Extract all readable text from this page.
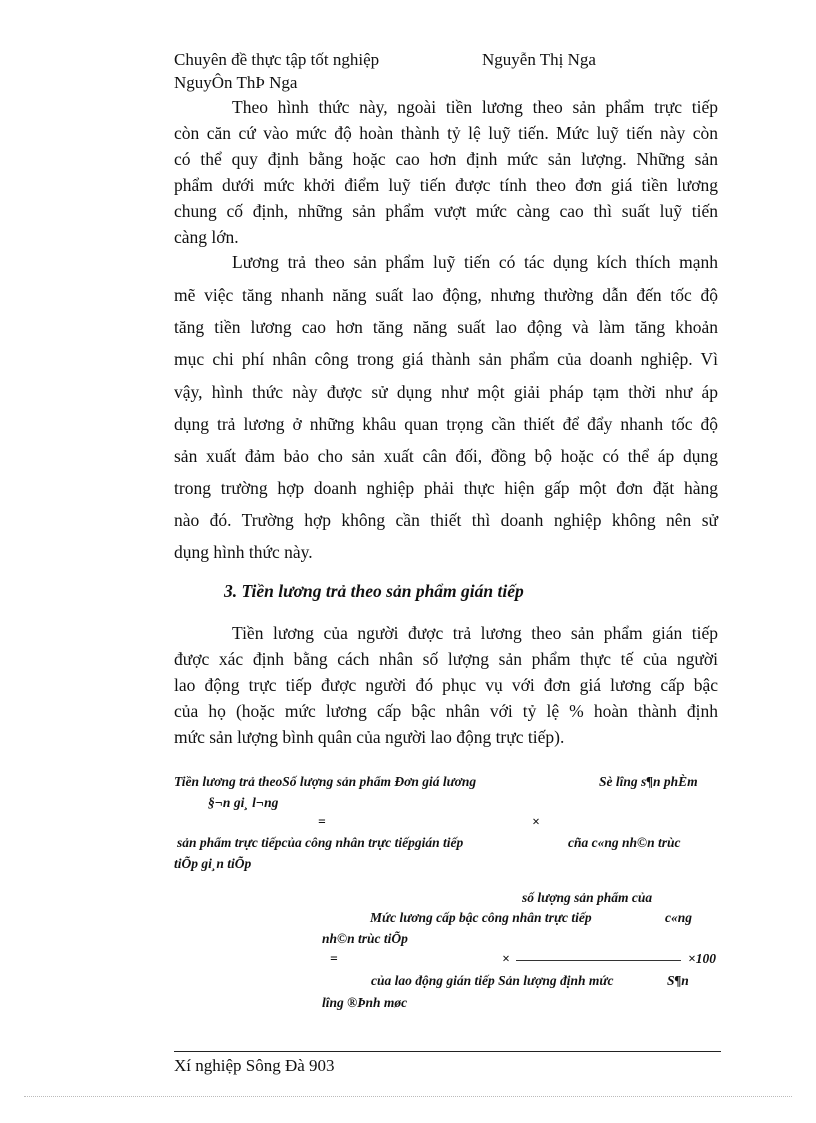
Chuyên đề thực tập tốt nghiệp	Nguyễn Thị Nga
NguyÔn ThÞ Nga
Theo hình thức này, ngoài tiền lương theo sản phẩm trực tiếp
còn căn cứ vào mức độ hoàn thành tỷ lệ luỹ tiến. Mức luỹ tiến này còn
có thể quy định bằng hoặc cao hơn định mức sản lượng. Những sản
phẩm dưới mức khởi điểm luỹ tiến được tính theo đơn giá tiền lương
chung cố định, những sản phẩm vượt mức càng cao thì suất luỹ tiến
càng lớn.
Lương trả theo sản phẩm luỹ tiến có tác dụng kích thích mạnh
mẽ việc tăng nhanh năng suất lao động, nhưng thường dẫn đến tốc độ
tăng tiền lương cao hơn tăng năng suất lao động và làm tăng khoản
mục chi phí nhân công trong giá thành sản phẩm của doanh nghiệp. Vì
vậy, hình thức này được sử dụng như một giải pháp tạm thời như áp
dụng trả lương ở những khâu quan trọng cần thiết để đẩy nhanh tốc độ
sản xuất đảm bảo cho sản xuất cân đối, đồng bộ hoặc có thể áp dụng
trong trường hợp doanh nghiệp phải thực hiện gấp một đơn đặt hàng
nào đó. Trường hợp không cần thiết thì doanh nghiệp không nên sử
dụng hình thức này.
3. Tiền lương trả theo sản phẩm gián tiếp
Tiền lương của người được trả lương theo sản phẩm gián tiếp
được xác định bằng cách nhân số lượng sản phẩm thực tế của người
lao động trực tiếp được người đó phục vụ với đơn giá lương cấp bậc
của họ (hoặc mức lương cấp bậc nhân với tỷ lệ % hoàn thành định
mức sản lượng bình quân của người lao động trực tiếp).
Tiền lương trả theoSố lượng sản phẩm Đơn giá lương	Sè lîng s¶n phÈm
§¬n gi¸ l¬ng
=	×
sản phẩm trực tiếpcủa công nhân trực tiếpgián tiếp	cña c«ng nh©n trùc
tiÕp gi¸n tiÕp
số lượng sản phẩm của
Mức lương cấp bậc công nhân trực tiếp	c«ng
nh©n trùc tiÕp
=	×	×100
của lao động gián tiếp Sản lượng định mức	S¶n
lîng ®Þnh møc
Xí nghiệp Sông Đà 903
